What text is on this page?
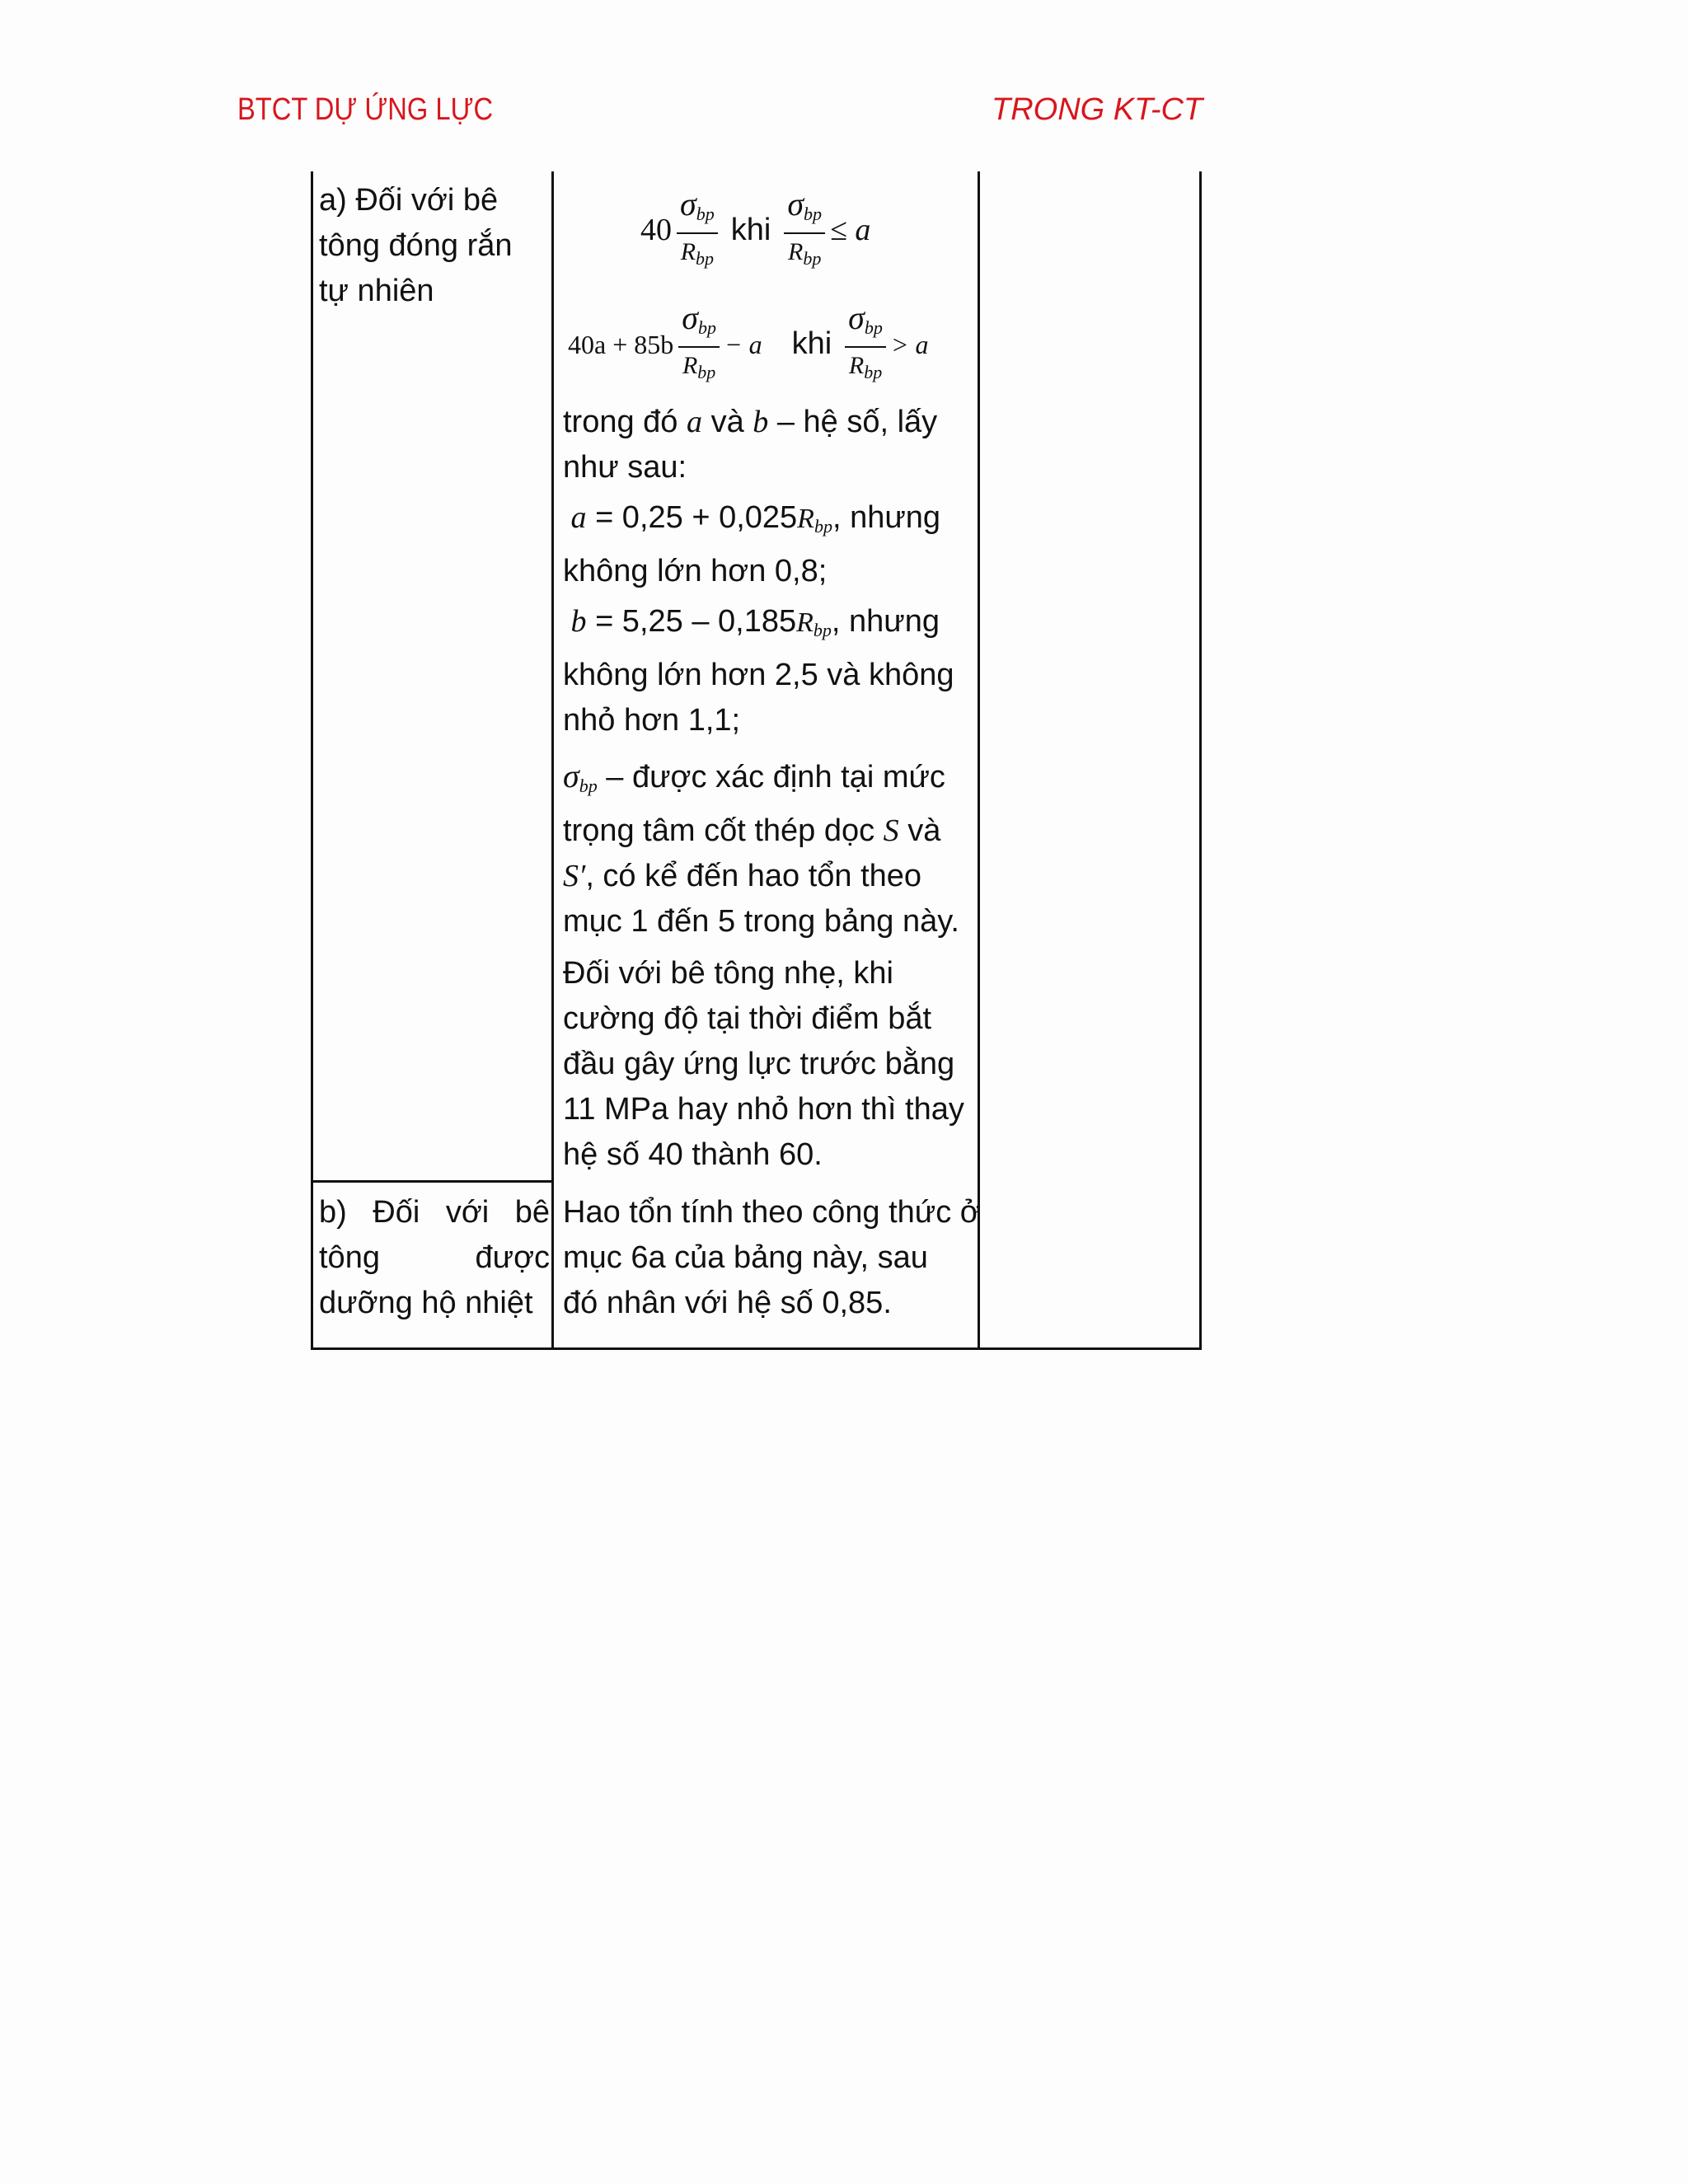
BTCT DỰ ỨNG LỰC	TRONG KT-CT
a) Đối với bê
tông đóng rắn
tự nhiên
$40 \frac{\sigma_{bp}}{R_{bp}}$ khi $\frac{\sigma_{bp}}{R_{bp}} \le a$
$40a + 85b \frac{\sigma_{bp}}{R_{bp}} - a$ khi $\frac{\sigma_{bp}}{R_{bp}} > a$
trong đó a và b – hệ số, lấy
như sau:
$a = 0,25 + 0,025R_{bp}$, nhưng
không lớn hơn 0,8;
$b = 5,25 - 0,185R_{bp}$, nhưng
không lớn hơn 2,5 và không
nhỏ hơn 1,1;
$\sigma_{bp}$ – được xác định tại mức
trọng tâm cốt thép dọc S và
S′, có kể đến hao tổn theo
mục 1 đến 5 trong bảng này.
Đối với bê tông nhẹ, khi
cường độ tại thời điểm bắt
đầu gây ứng lực trước bằng
11 MPa hay nhỏ hơn thì thay
hệ số 40 thành 60.
b) Đối với bê
tông được
dưỡng hộ nhiệt
Hao tổn tính theo công thức ở
mục 6a của bảng này, sau
đó nhân với hệ số 0,85.
